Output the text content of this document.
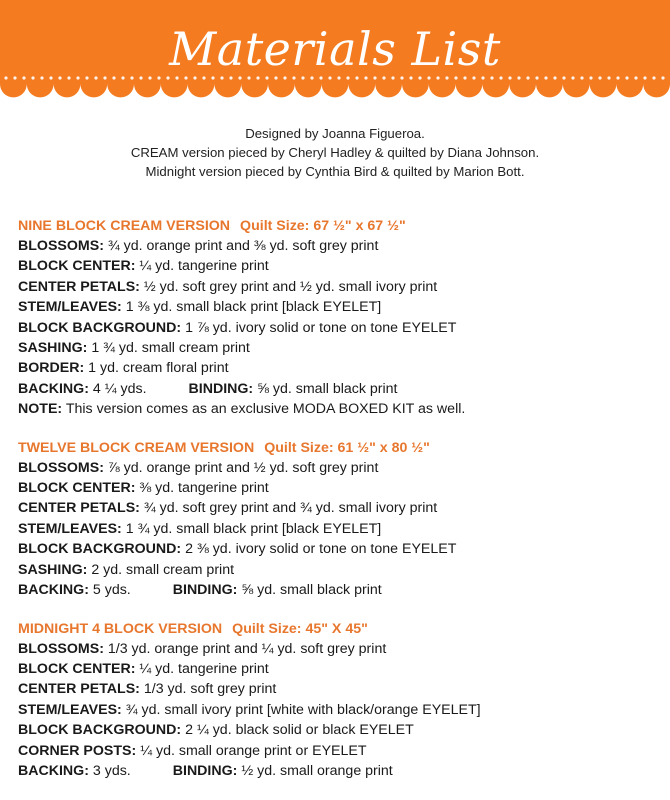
Materials List
Designed by Joanna Figueroa.
CREAM version pieced by Cheryl Hadley & quilted by Diana Johnson.
Midnight version pieced by Cynthia Bird & quilted by Marion Bott.
NINE BLOCK CREAM VERSION Quilt Size: 67 ½" x 67 ½"
BLOSSOMS: ¾ yd. orange print and ⅜ yd. soft grey print
BLOCK CENTER: ¼ yd. tangerine print
CENTER PETALS: ½ yd. soft grey print and ½ yd. small ivory print
STEM/LEAVES: 1 ⅜ yd. small black print [black EYELET]
BLOCK BACKGROUND: 1 ⅞ yd. ivory solid or tone on tone EYELET
SASHING: 1 ¾ yd. small cream print
BORDER: 1 yd. cream floral print
BACKING: 4 ¼ yds.	BINDING: ⅝ yd. small black print
NOTE: This version comes as an exclusive MODA BOXED KIT as well.
TWELVE BLOCK CREAM VERSION Quilt Size: 61 ½" x 80 ½"
BLOSSOMS: ⅞ yd. orange print and ½ yd. soft grey print
BLOCK CENTER: ⅜ yd. tangerine print
CENTER PETALS: ¾ yd. soft grey print and ¾ yd. small ivory print
STEM/LEAVES: 1 ¾ yd. small black print [black EYELET]
BLOCK BACKGROUND: 2 ⅜ yd. ivory solid or tone on tone EYELET
SASHING: 2 yd. small cream print
BACKING: 5 yds.	BINDING: ⅝ yd. small black print
MIDNIGHT 4 BLOCK VERSION Quilt Size: 45" X 45"
BLOSSOMS: 1/3 yd. orange print and ¼ yd. soft grey print
BLOCK CENTER: ¼ yd. tangerine print
CENTER PETALS: 1/3 yd. soft grey print
STEM/LEAVES: ¾ yd. small ivory print [white with black/orange EYELET]
BLOCK BACKGROUND: 2 ¼ yd. black solid or black EYELET
CORNER POSTS: ¼ yd. small orange print or EYELET
BACKING: 3 yds.	BINDING: ½ yd. small orange print
